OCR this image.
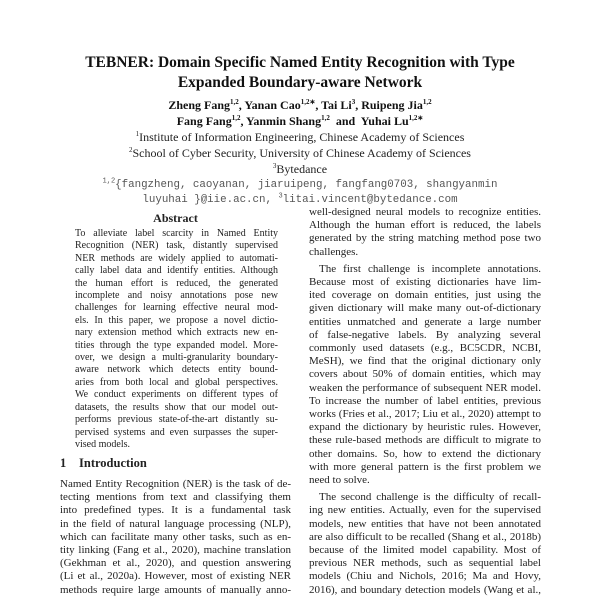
TEBNER: Domain Specific Named Entity Recognition with Type
Expanded Boundary-aware Network
Zheng Fang$^{1,2}$, Yanan Cao$^{1,2∗}$, Tai Li$^3$, Ruipeng Jia$^{1,2}$
Fang Fang$^{1,2}$, Yanmin Shang$^{1,2}$  and  Yuhai $Lu^{1,2∗}$
$^1$Institute of Information Engineering, Chinese Academy of Sciences
$^2$School of Cyber Security, University of Chinese Academy of Sciences
$^3$Bytedance
$^{1,2}${fangzheng, caoyanan, jiaruipeng, fangfang0703, shangyanmin
luyuhai }@iie.ac.cn, $^3$litai.vincent@bytedance.com
Abstract
To alleviate label scarcity in Named Entity
Recognition (NER) task, distantly supervised
NER methods are widely applied to automati-
cally label data and identify entities. Although
the human effort is reduced, the generated
incomplete and noisy annotations pose new
challenges for learning effective neural mod-
els. In this paper, we propose a novel dictio-
nary extension method which extracts new en-
tities through the type expanded model. More-
over, we design a multi-granularity boundary-
aware network which detects entity bound-
aries from both local and global perspectives.
We conduct experiments on different types of
datasets, the results show that our model out-
performs previous state-of-the-art distantly su-
pervised systems and even surpasses the super-
vised models.
1 Introduction
Named Entity Recognition (NER) is the task of de-
tecting mentions from text and classifying them
into predefined types. It is a fundamental task
in the field of natural language processing (NLP),
which can facilitate many other tasks, such as en-
tity linking (Fang et al., 2020), machine translation
(Gekhman et al., 2020), and question answering
(Li et al., 2020a). However, most of existing NER
methods require large amounts of manually anno-
well-designed neural models to recognize entities.
Although the human effort is reduced, the labels
generated by the string matching method pose two
challenges.
The first challenge is incomplete annotations.
Because most of existing dictionaries have lim-
ited coverage on domain entities, just using the
given dictionary will make many out-of-dictionary
entities unmatched and generate a large number
of false-negative labels. By analyzing several
commonly used datasets (e.g., BC5CDR, NCBI,
MeSH), we find that the original dictionary only
covers about 50% of domain entities, which may
weaken the performance of subsequent NER model.
To increase the number of label entities, previous
works (Fries et al., 2017; Liu et al., 2020) attempt to
expand the dictionary by heuristic rules. However,
these rule-based methods are difficult to migrate to
other domains. So, how to extend the dictionary
with more general pattern is the first problem we
need to solve.
The second challenge is the difficulty of recall-
ing new entities. Actually, even for the supervised
models, new entities that have not been annotated
are also difficult to be recalled (Shang et al., 2018b)
because of the limited model capability. Most of
previous NER methods, such as sequential label
models (Chiu and Nichols, 2016; Ma and Hovy,
2016), and boundary detection models (Wang et al.,
